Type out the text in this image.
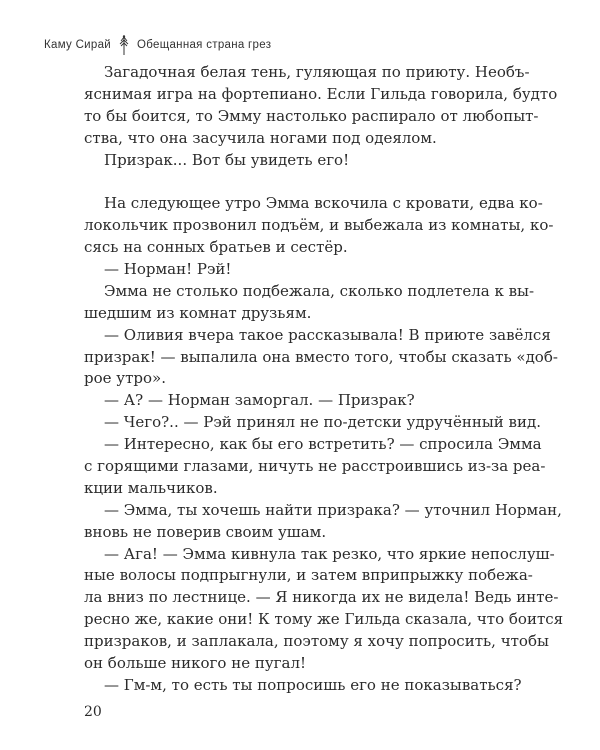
Каму Сирай Обещанная страна грез
Загадочная белая тень, гуляющая по приюту. Необъ-
яснимая игра на фортепиано. Если Гильда говорила, будто
то бы боится, то Эмму настолько распирало от любопыт-
ства, что она засучила ногами под одеялом.
Призрак... Вот бы увидеть его!
На следующее утро Эмма вскочила с кровати, едва ко-
локольчик прозвонил подъём, и выбежала из комнаты, ко-
сясь на сонных братьев и сестёр.
— Норман! Рэй!
Эмма не столько подбежала, сколько подлетела к вы-
шедшим из комнат друзьям.
— Оливия вчера такое рассказывала! В приюте завёлся
призрак! — выпалила она вместо того, чтобы сказать «доб-
рое утро».
— А? — Норман заморгал. — Призрак?
— Чего?.. — Рэй принял не по-детски удручённый вид.
— Интересно, как бы его встретить? — спросила Эмма
с горящими глазами, ничуть не расстроившись из-за реа-
кции мальчиков.
— Эмма, ты хочешь найти призрака? — уточнил Норман,
вновь не поверив своим ушам.
— Ага! — Эмма кивнула так резко, что яркие непослуш-
ные волосы подпрыгнули, и затем вприпрыжку побежа-
ла вниз по лестнице. — Я никогда их не видела! Ведь инте-
ресно же, какие они! К тому же Гильда сказала, что боится
призраков, и заплакала, поэтому я хочу попросить, чтобы
он больше никого не пугал!
— Гм-м, то есть ты попросишь его не показываться?
20
